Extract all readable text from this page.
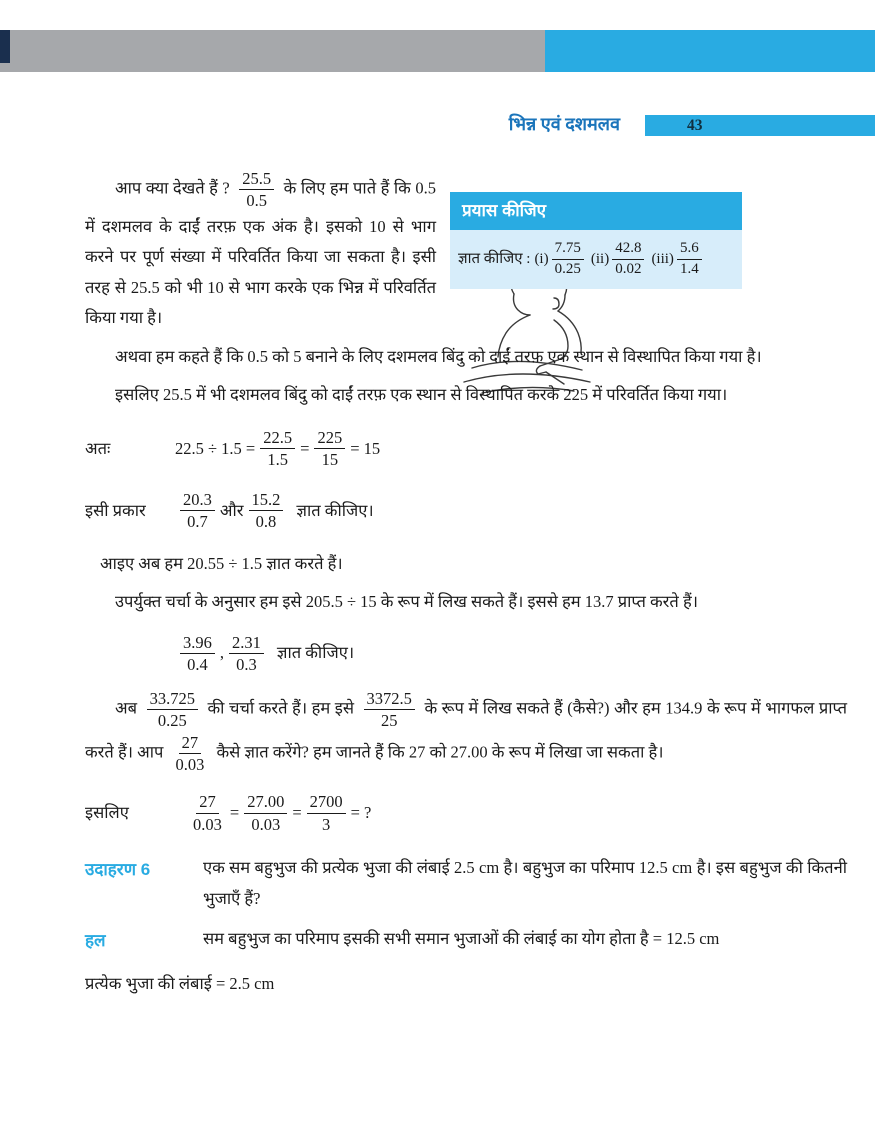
भिन्न एवं दशमलव	43
प्रयास कीजिए
ज्ञात कीजिए : $(i) \frac{7.75}{0.25} (ii) \frac{42.8}{0.02} (iii) \frac{5.6}{1.4}$

आप क्या देखते हैं ? $\frac{25.5}{0.5}$ के लिए हम पाते हैं कि 0.5 में दशमलव के दाईं तरफ़ एक अंक है। इसको 10 से भाग करने पर पूर्ण संख्या में परिवर्तित किया जा सकता है। इसी तरह से 25.5 को भी 10 से भाग करके एक भिन्न में परिवर्तित किया गया है।

अथवा हम कहते हैं कि 0.5 को 5 बनाने के लिए दशमलव बिंदु को दाईं तरफ़ एक स्थान से विस्थापित किया गया है।

इसलिए 25.5 में भी दशमलव बिंदु को दाईं तरफ़ एक स्थान से विस्थापित करके 225 में परिवर्तित किया गया।

अतः	$22.5 \div 1.5 = \frac{22.5}{1.5} = \frac{225}{15} = 15$
इसी प्रकार	$\frac{20.3}{0.7}$ और $\frac{15.2}{0.8}$ ज्ञात कीजिए।

आइए अब हम 20.55 ÷ 1.5 ज्ञात करते हैं।

उपर्युक्त चर्चा के अनुसार हम इसे 205.5 ÷ 15 के रूप में लिख सकते हैं। इससे हम 13.7 प्राप्त करते हैं।

$\frac{3.96}{0.4}$ , $\frac{2.31}{0.3}$ ज्ञात कीजिए।

अब $\frac{33.725}{0.25}$ की चर्चा करते हैं। हम इसे $\frac{3372.5}{25}$ के रूप में लिख सकते हैं (कैसे?) और हम 134.9 के रूप में भागफल प्राप्त करते हैं। आप $\frac{27}{0.03}$ कैसे ज्ञात करेंगे? हम जानते हैं कि 27 को 27.00 के रूप में लिखा जा सकता है।

इसलिए	$\frac{27}{0.03} = \frac{27.00}{0.03} = \frac{2700}{3}$ = ?
उदाहरण 6	एक सम बहुभुज की प्रत्येक भुजा की लंबाई 2.5 cm है। बहुभुज का परिमाप 12.5 cm है। इस बहुभुज की कितनी भुजाएँ हैं?
हल	सम बहुभुज का परिमाप इसकी सभी समान भुजाओं की लंबाई का योग होता है = 12.5 cm

प्रत्येक भुजा की लंबाई = 2.5 cm
